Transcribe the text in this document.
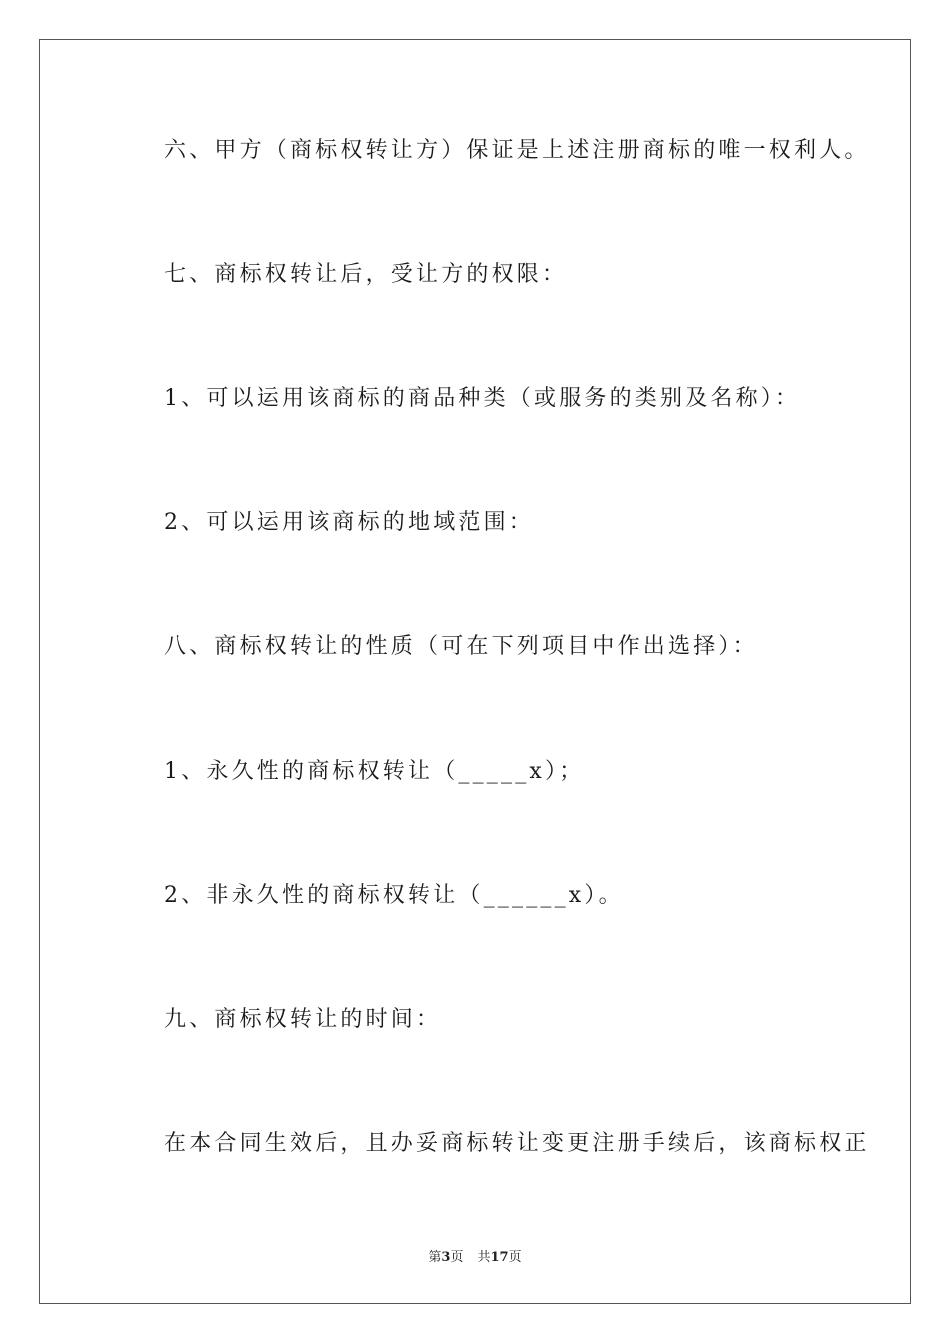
六、甲方（商标权转让方）保证是上述注册商标的唯一权利人。
七、商标权转让后，受让方的权限：
1、可以运用该商标的商品种类（或服务的类别及名称）：
2、可以运用该商标的地域范围：
八、商标权转让的性质（可在下列项目中作出选择）：
1、永久性的商标权转让（_____x）；
2、非永久性的商标权转让（______x）。
九、商标权转让的时间：
在本合同生效后，且办妥商标转让变更注册手续后，该商标权正
第3页 共17页
